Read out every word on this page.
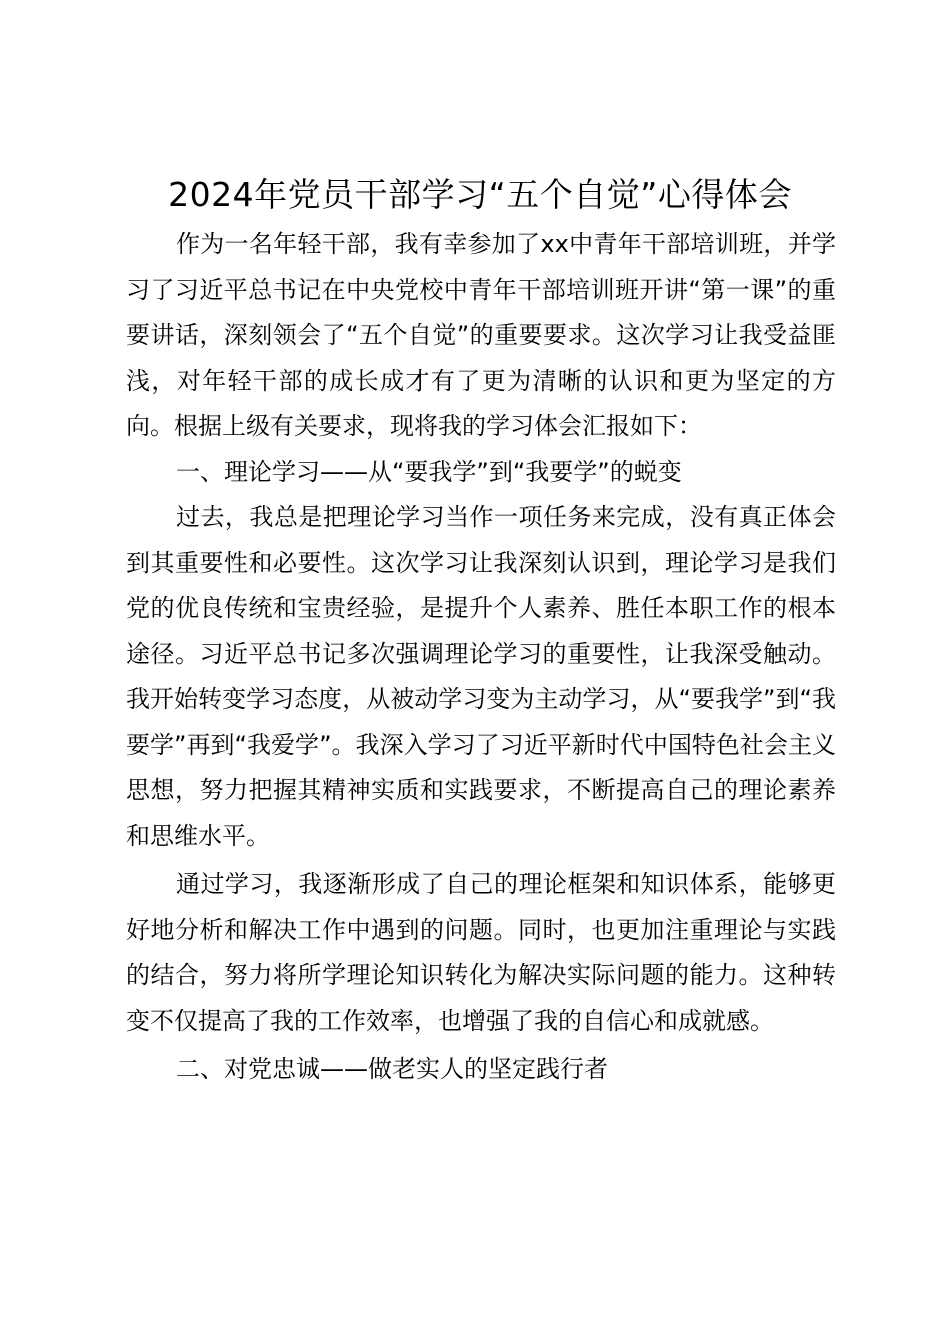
2024年党员干部学习“五个自觉”心得体会

作为一名年轻干部，我有幸参加了xx中青年干部培训班，并学习了习近平总书记在中央党校中青年干部培训班开讲“第一课”的重要讲话，深刻领会了“五个自觉”的重要要求。这次学习让我受益匪浅，对年轻干部的成长成才有了更为清晰的认识和更为坚定的方向。根据上级有关要求，现将我的学习体会汇报如下：

一、理论学习——从“要我学”到“我要学”的蜕变

过去，我总是把理论学习当作一项任务来完成，没有真正体会到其重要性和必要性。这次学习让我深刻认识到，理论学习是我们党的优良传统和宝贵经验，是提升个人素养、胜任本职工作的根本途径。习近平总书记多次强调理论学习的重要性，让我深受触动。我开始转变学习态度，从被动学习变为主动学习，从“要我学”到“我要学”再到“我爱学”。我深入学习了习近平新时代中国特色社会主义思想，努力把握其精神实质和实践要求，不断提高自己的理论素养和思维水平。

通过学习，我逐渐形成了自己的理论框架和知识体系，能够更好地分析和解决工作中遇到的问题。同时，也更加注重理论与实践的结合，努力将所学理论知识转化为解决实际问题的能力。这种转变不仅提高了我的工作效率，也增强了我的自信心和成就感。

二、对党忠诚——做老实人的坚定践行者
